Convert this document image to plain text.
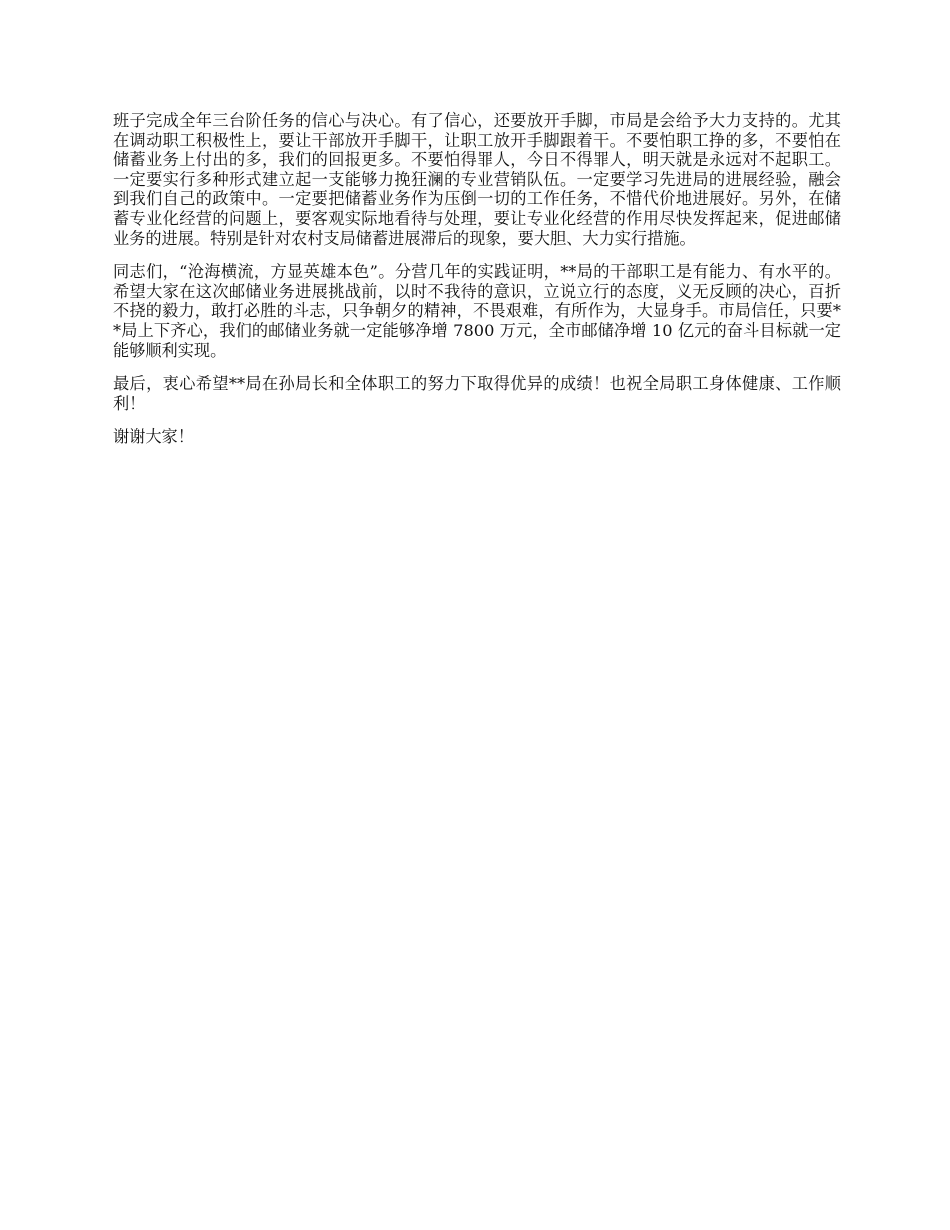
班子完成全年三台阶任务的信心与决心。有了信心，还要放开手脚，市局是会给予大力支持的。尤其在调动职工积极性上，要让干部放开手脚干，让职工放开手脚跟着干。不要怕职工挣的多，不要怕在储蓄业务上付出的多，我们的回报更多。不要怕得罪人，今日不得罪人，明天就是永远对不起职工。一定要实行多种形式建立起一支能够力挽狂澜的专业营销队伍。一定要学习先进局的进展经验，融会到我们自己的政策中。一定要把储蓄业务作为压倒一切的工作任务，不惜代价地进展好。另外，在储蓄专业化经营的问题上，要客观实际地看待与处理，要让专业化经营的作用尽快发挥起来，促进邮储业务的进展。特别是针对农村支局储蓄进展滞后的现象，要大胆、大力实行措施。

同志们，“沧海横流，方显英雄本色”。分营几年的实践证明，**局的干部职工是有能力、有水平的。希望大家在这次邮储业务进展挑战前，以时不我待的意识，立说立行的态度，义无反顾的决心，百折不挠的毅力，敢打必胜的斗志，只争朝夕的精神，不畏艰难，有所作为，大显身手。市局信任，只要**局上下齐心，我们的邮储业务就一定能够净增 7800 万元，全市邮储净增 10 亿元的奋斗目标就一定能够顺利实现。

最后，衷心希望**局在孙局长和全体职工的努力下取得优异的成绩！也祝全局职工身体健康、工作顺利！

谢谢大家！
